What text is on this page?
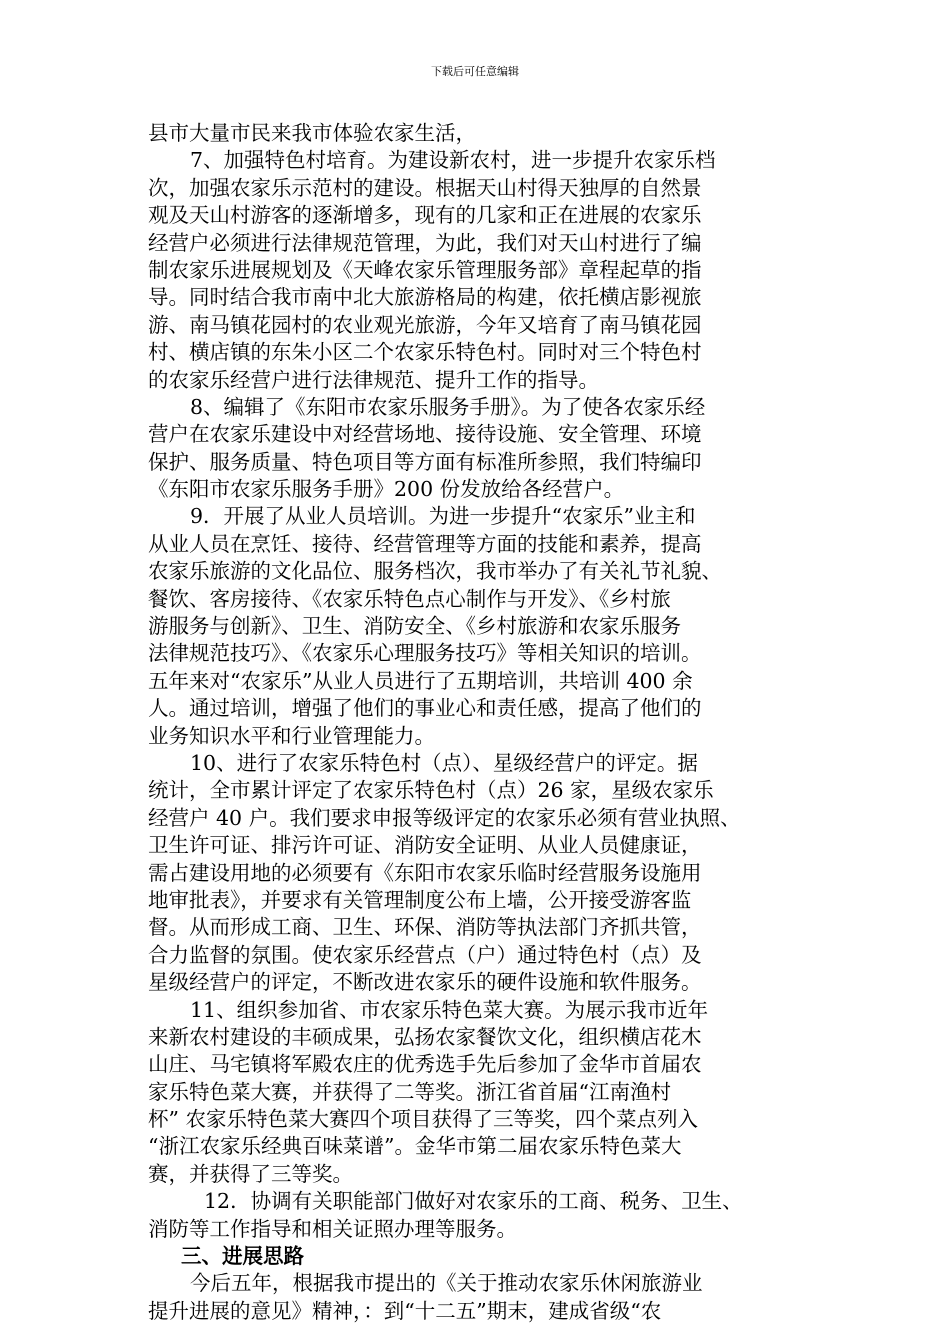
下载后可任意编辑
县市大量市民来我市体验农家生活，
7、加强特色村培育。为建设新农村，进一步提升农家乐档
次，加强农家乐示范村的建设。根据天山村得天独厚的自然景
观及天山村游客的逐渐增多，现有的几家和正在进展的农家乐
经营户必须进行法律规范管理，为此，我们对天山村进行了编
制农家乐进展规划及《天峰农家乐管理服务部》章程起草的指
导。同时结合我市南中北大旅游格局的构建，依托横店影视旅
游、南马镇花园村的农业观光旅游，今年又培育了南马镇花园
村、横店镇的东朱小区二个农家乐特色村。同时对三个特色村
的农家乐经营户进行法律规范、提升工作的指导。
8、编辑了《东阳市农家乐服务手册》。为了使各农家乐经
营户在农家乐建设中对经营场地、接待设施、安全管理、环境
保护、服务质量、特色项目等方面有标准所参照，我们特编印
《东阳市农家乐服务手册》200 份发放给各经营户。
9．开展了从业人员培训。为进一步提升“农家乐”业主和
从业人员在烹饪、接待、经营管理等方面的技能和素养，提高
农家乐旅游的文化品位、服务档次，我市举办了有关礼节礼貌、
餐饮、客房接待、《农家乐特色点心制作与开发》、《乡村旅
游服务与创新》、卫生、消防安全、《乡村旅游和农家乐服务
法律规范技巧》、《农家乐心理服务技巧》等相关知识的培训。
五年来对“农家乐”从业人员进行了五期培训，共培训 400 余
人。通过培训，增强了他们的事业心和责任感，提高了他们的
业务知识水平和行业管理能力。
10、进行了农家乐特色村（点）、星级经营户的评定。据
统计，全市累计评定了农家乐特色村（点）26 家，星级农家乐
经营户 40 户。我们要求申报等级评定的农家乐必须有营业执照、
卫生许可证、排污许可证、消防安全证明、从业人员健康证，
需占建设用地的必须要有《东阳市农家乐临时经营服务设施用
地审批表》，并要求有关管理制度公布上墙，公开接受游客监
督。从而形成工商、卫生、环保、消防等执法部门齐抓共管，
合力监督的氛围。使农家乐经营点（户）通过特色村（点）及
星级经营户的评定，不断改进农家乐的硬件设施和软件服务。
11、组织参加省、市农家乐特色菜大赛。为展示我市近年
来新农村建设的丰硕成果，弘扬农家餐饮文化，组织横店花木
山庄、马宅镇将军殿农庄的优秀选手先后参加了金华市首届农
家乐特色菜大赛，并获得了二等奖。浙江省首届“江南渔村
杯” 农家乐特色菜大赛四个项目获得了三等奖，四个菜点列入
“浙江农家乐经典百味菜谱”。金华市第二届农家乐特色菜大
赛，并获得了三等奖。
12．协调有关职能部门做好对农家乐的工商、税务、卫生、
消防等工作指导和相关证照办理等服务。
三、进展思路
今后五年，根据我市提出的《关于推动农家乐休闲旅游业
提升进展的意见》精神，：到“十二五”期末，建成省级“农
